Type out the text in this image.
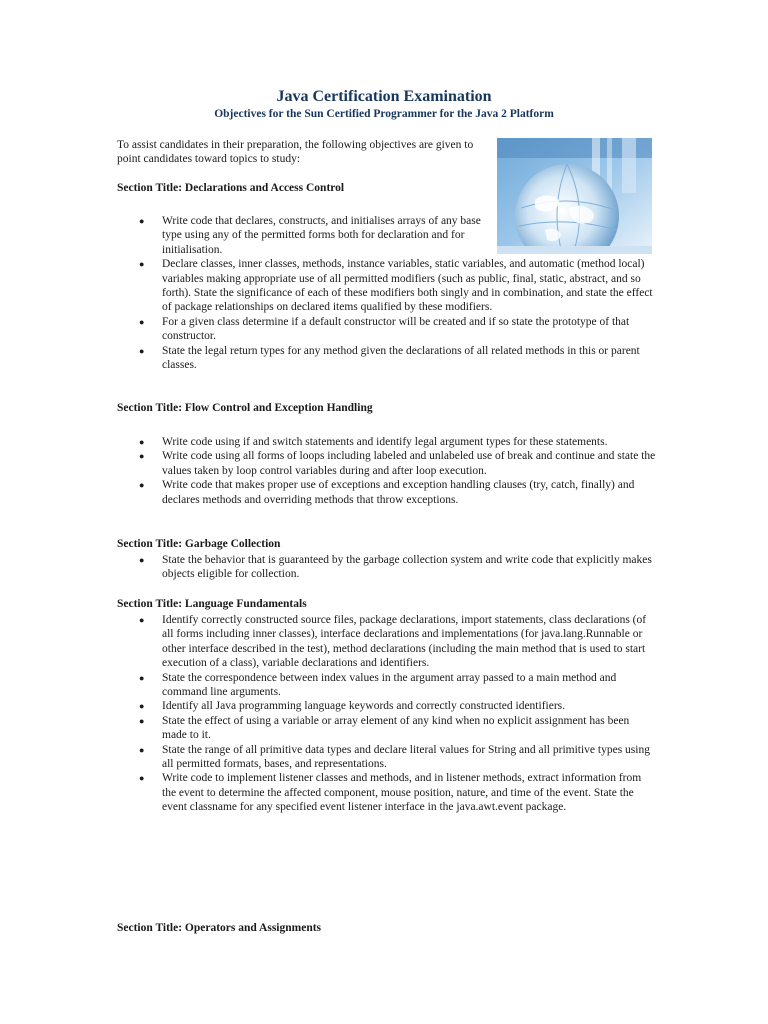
Java Certification Examination
Objectives for the Sun Certified Programmer for the Java 2 Platform

To assist candidates in their preparation, the following objectives are given to point candidates toward topics to study:

Section Title: Declarations and Access Control
● Write code that declares, constructs, and initialises arrays of any base type using any of the permitted forms both for declaration and for initialisation.
● Declare classes, inner classes, methods, instance variables, static variables, and automatic (method local) variables making appropriate use of all permitted modifiers (such as public, final, static, abstract, and so forth). State the significance of each of these modifiers both singly and in combination, and state the effect of package relationships on declared items qualified by these modifiers.
● For a given class determine if a default constructor will be created and if so state the prototype of that constructor.
● State the legal return types for any method given the declarations of all related methods in this or parent classes.
Section Title: Flow Control and Exception Handling
● Write code using if and switch statements and identify legal argument types for these statements.
● Write code using all forms of loops including labeled and unlabeled use of break and continue and state the values taken by loop control variables during and after loop execution.
● Write code that makes proper use of exceptions and exception handling clauses (try, catch, finally) and declares methods and overriding methods that throw exceptions.
Section Title: Garbage Collection
● State the behavior that is guaranteed by the garbage collection system and write code that explicitly makes objects eligible for collection.
Section Title: Language Fundamentals
● Identify correctly constructed source files, package declarations, import statements, class declarations (of all forms including inner classes), interface declarations and implementations (for java.lang.Runnable or other interface described in the test), method declarations (including the main method that is used to start execution of a class), variable declarations and identifiers.
● State the correspondence between index values in the argument array passed to a main method and command line arguments.
● Identify all Java programming language keywords and correctly constructed identifiers.
● State the effect of using a variable or array element of any kind when no explicit assignment has been made to it.
● State the range of all primitive data types and declare literal values for String and all primitive types using all permitted formats, bases, and representations.
● Write code to implement listener classes and methods, and in listener methods, extract information from the event to determine the affected component, mouse position, nature, and time of the event. State the event classname for any specified event listener interface in the java.awt.event package.
Section Title: Operators and Assignments
